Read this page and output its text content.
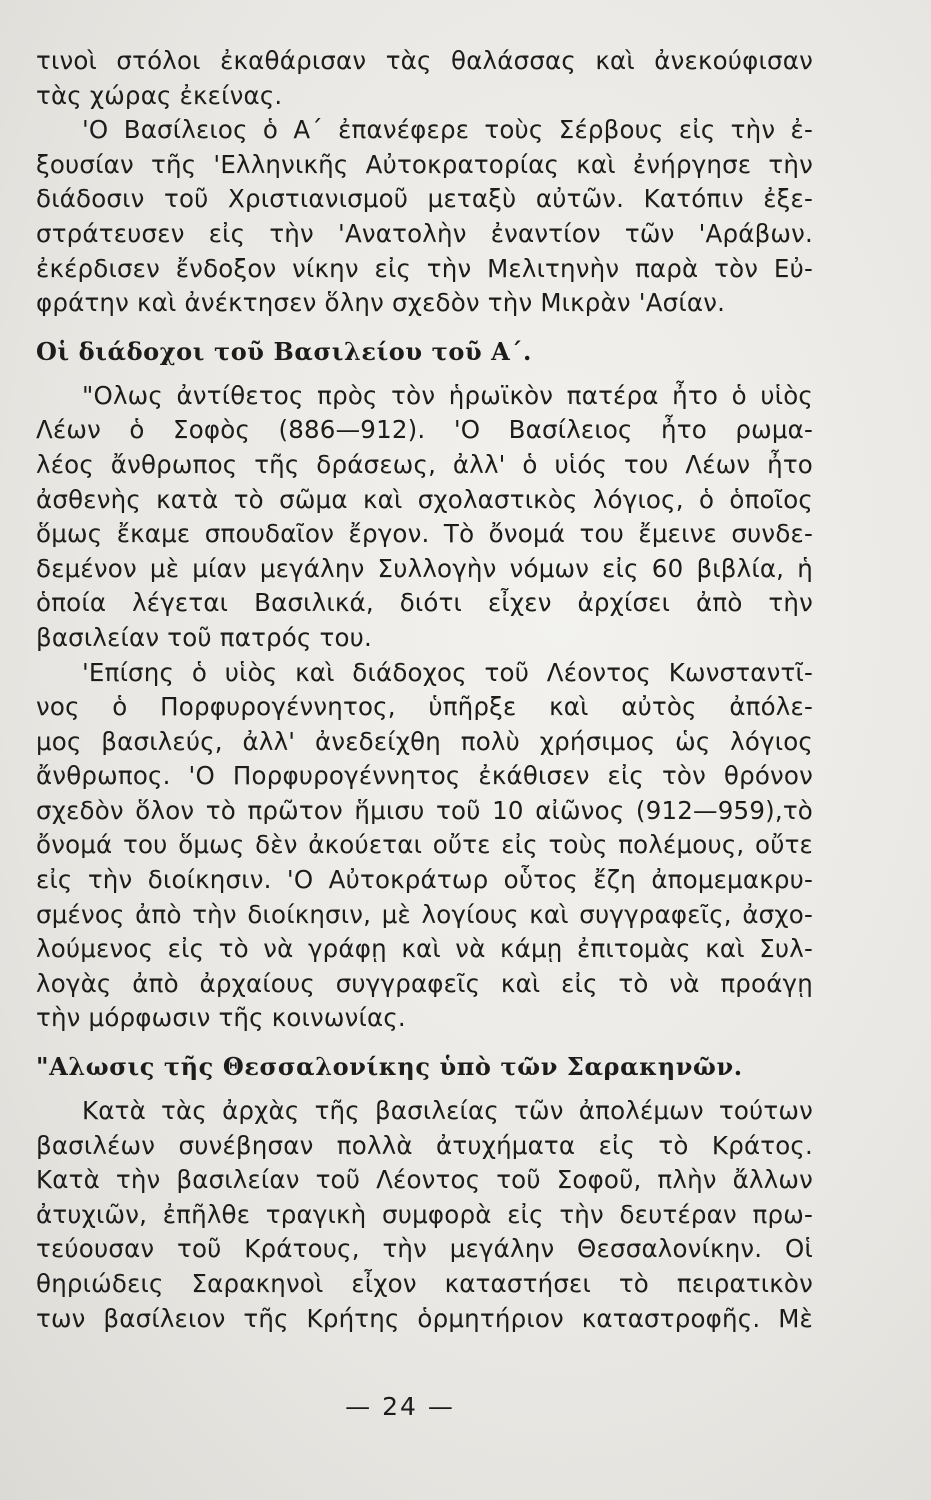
τινοὶ στόλοι ἐκαθάρισαν τὰς θαλάσσας καὶ ἀνεκούφισαν
τὰς χώρας ἐκείνας.

'Ο Βασίλειος ὁ Α΄ ἐπανέφερε τοὺς Σέρβους εἰς τὴν ἐ-
ξουσίαν τῆς 'Ελληνικῆς Αὐτοκρατορίας καὶ ἐνήργησε τὴν
διάδοσιν τοῦ Χριστιανισμοῦ μεταξὺ αὐτῶν. Κατόπιν ἐξε-
στράτευσεν εἰς τὴν 'Ανατολὴν ἐναντίον τῶν 'Αράβων.
ἐκέρδισεν ἔνδοξον νίκην εἰς τὴν Μελιτηνὴν παρὰ τὸν Εὐ-
φράτην καὶ ἀνέκτησεν ὅλην σχεδὸν τὴν Μικρὰν 'Ασίαν.

Οἱ διάδοχοι τοῦ Βασιλείου τοῦ Α΄.

"Ολως ἀντίθετος πρὸς τὸν ἡρωϊκὸν πατέρα ἦτο ὁ υἱὸς
Λέων ὁ Σοφὸς (886—912). 'Ο Βασίλειος ἦτο ρωμα-
λέος ἄνθρωπος τῆς δράσεως, ἀλλ' ὁ υἱός του Λέων ἦτο
ἀσθενὴς κατὰ τὸ σῶμα καὶ σχολαστικὸς λόγιος, ὁ ὁποῖος
ὅμως ἔκαμε σπουδαῖον ἔργον. Τὸ ὄνομά του ἔμεινε συνδε-
δεμένον μὲ μίαν μεγάλην Συλλογὴν νόμων εἰς 60 βιβλία, ἡ
ὁποία λέγεται Βασιλικά, διότι εἶχεν ἀρχίσει ἀπὸ τὴν
βασιλείαν τοῦ πατρός του.

'Επίσης ὁ υἱὸς καὶ διάδοχος τοῦ Λέοντος Κωνσταντῖ-
νος ὁ Πορφυρογέννητος, ὑπῆρξε καὶ αὐτὸς ἀπόλε-
μος βασιλεύς, ἀλλ' ἀνεδείχθη πολὺ χρήσιμος ὡς λόγιος
ἄνθρωπος. 'Ο Πορφυρογέννητος ἐκάθισεν εἰς τὸν θρόνον
σχεδὸν ὅλον τὸ πρῶτον ἥμισυ τοῦ 10 αἰῶνος (912—959),τὸ
ὄνομά του ὅμως δὲν ἀκούεται οὔτε εἰς τοὺς πολέμους, οὔτε
εἰς τὴν διοίκησιν. 'Ο Αὐτοκράτωρ οὗτος ἔζη ἀπομεμακρυ-
σμένος ἀπὸ τὴν διοίκησιν, μὲ λογίους καὶ συγγραφεῖς, ἀσχο-
λούμενος εἰς τὸ νὰ γράφῃ καὶ νὰ κάμῃ ἐπιτομὰς καὶ Συλ-
λογὰς ἀπὸ ἀρχαίους συγγραφεῖς καὶ εἰς τὸ νὰ προάγῃ
τὴν μόρφωσιν τῆς κοινωνίας.

"Αλωσις τῆς Θεσσαλονίκης ὑπὸ τῶν Σαρακηνῶν.

Κατὰ τὰς ἀρχὰς τῆς βασιλείας τῶν ἀπολέμων τούτων
βασιλέων συνέβησαν πολλὰ ἀτυχήματα εἰς τὸ Κράτος.
Κατὰ τὴν βασιλείαν τοῦ Λέοντος τοῦ Σοφοῦ, πλὴν ἄλλων
ἀτυχιῶν, ἐπῆλθε τραγικὴ συμφορὰ εἰς τὴν δευτέραν πρω-
τεύουσαν τοῦ Κράτους, τὴν μεγάλην Θεσσαλονίκην. Οἱ
θηριώδεις Σαρακηνοὶ εἶχον καταστήσει τὸ πειρατικὸν
των βασίλειον τῆς Κρήτης ὁρμητήριον καταστροφῆς. Μὲ

— 24 —
